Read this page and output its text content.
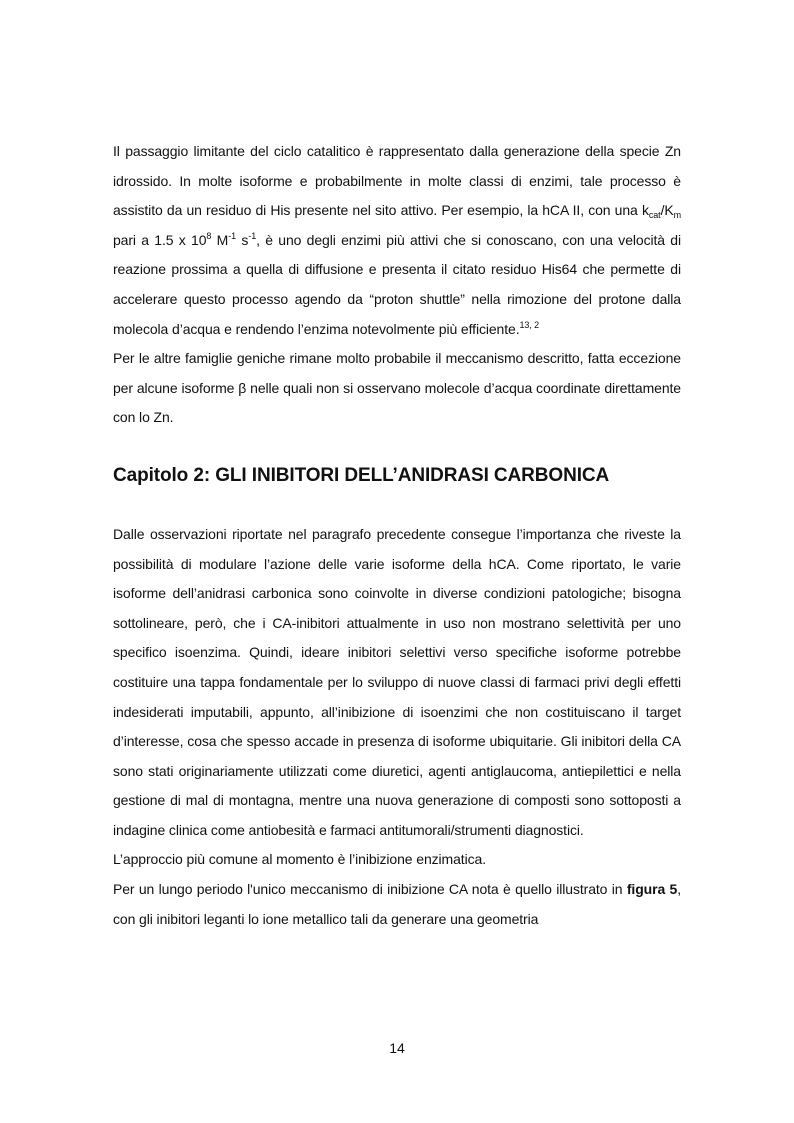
Il passaggio limitante del ciclo catalitico è rappresentato dalla generazione della specie Zn idrossido. In molte isoforme e probabilmente in molte classi di enzimi, tale processo è assistito da un residuo di His presente nel sito attivo. Per esempio, la hCA II, con una $k_{cat}/K_m$ pari a 1.5 x $10^8$ $M^{-1}$ $s^{-1}$, è uno degli enzimi più attivi che si conoscano, con una velocità di reazione prossima a quella di diffusione e presenta il citato residuo His64 che permette di accelerare questo processo agendo da “proton shuttle” nella rimozione del protone dalla molecola d’acqua e rendendo l’enzima notevolmente più efficiente.$^{13, 2}$

Per le altre famiglie geniche rimane molto probabile il meccanismo descritto, fatta eccezione per alcune isoforme β nelle quali non si osservano molecole d’acqua coordinate direttamente con lo Zn.

Capitolo 2: GLI INIBITORI DELL’ANIDRASI CARBONICA

Dalle osservazioni riportate nel paragrafo precedente consegue l’importanza che riveste la possibilità di modulare l’azione delle varie isoforme della hCA. Come riportato, le varie isoforme dell’anidrasi carbonica sono coinvolte in diverse condizioni patologiche; bisogna sottolineare, però, che i CA-inibitori attualmente in uso non mostrano selettività per uno specifico isoenzima. Quindi, ideare inibitori selettivi verso specifiche isoforme potrebbe costituire una tappa fondamentale per lo sviluppo di nuove classi di farmaci privi degli effetti indesiderati imputabili, appunto, all’inibizione di isoenzimi che non costituiscano il target d’interesse, cosa che spesso accade in presenza di isoforme ubiquitarie. Gli inibitori della CA sono stati originariamente utilizzati come diuretici, agenti antiglaucoma, antiepilettici e nella gestione di mal di montagna, mentre una nuova generazione di composti sono sottoposti a indagine clinica come antiobesità e farmaci antitumorali/strumenti diagnostici.

L’approccio più comune al momento è l’inibizione enzimatica.

Per un lungo periodo l'unico meccanismo di inibizione CA nota è quello illustrato in figura 5, con gli inibitori leganti lo ione metallico tali da generare una geometria

14
